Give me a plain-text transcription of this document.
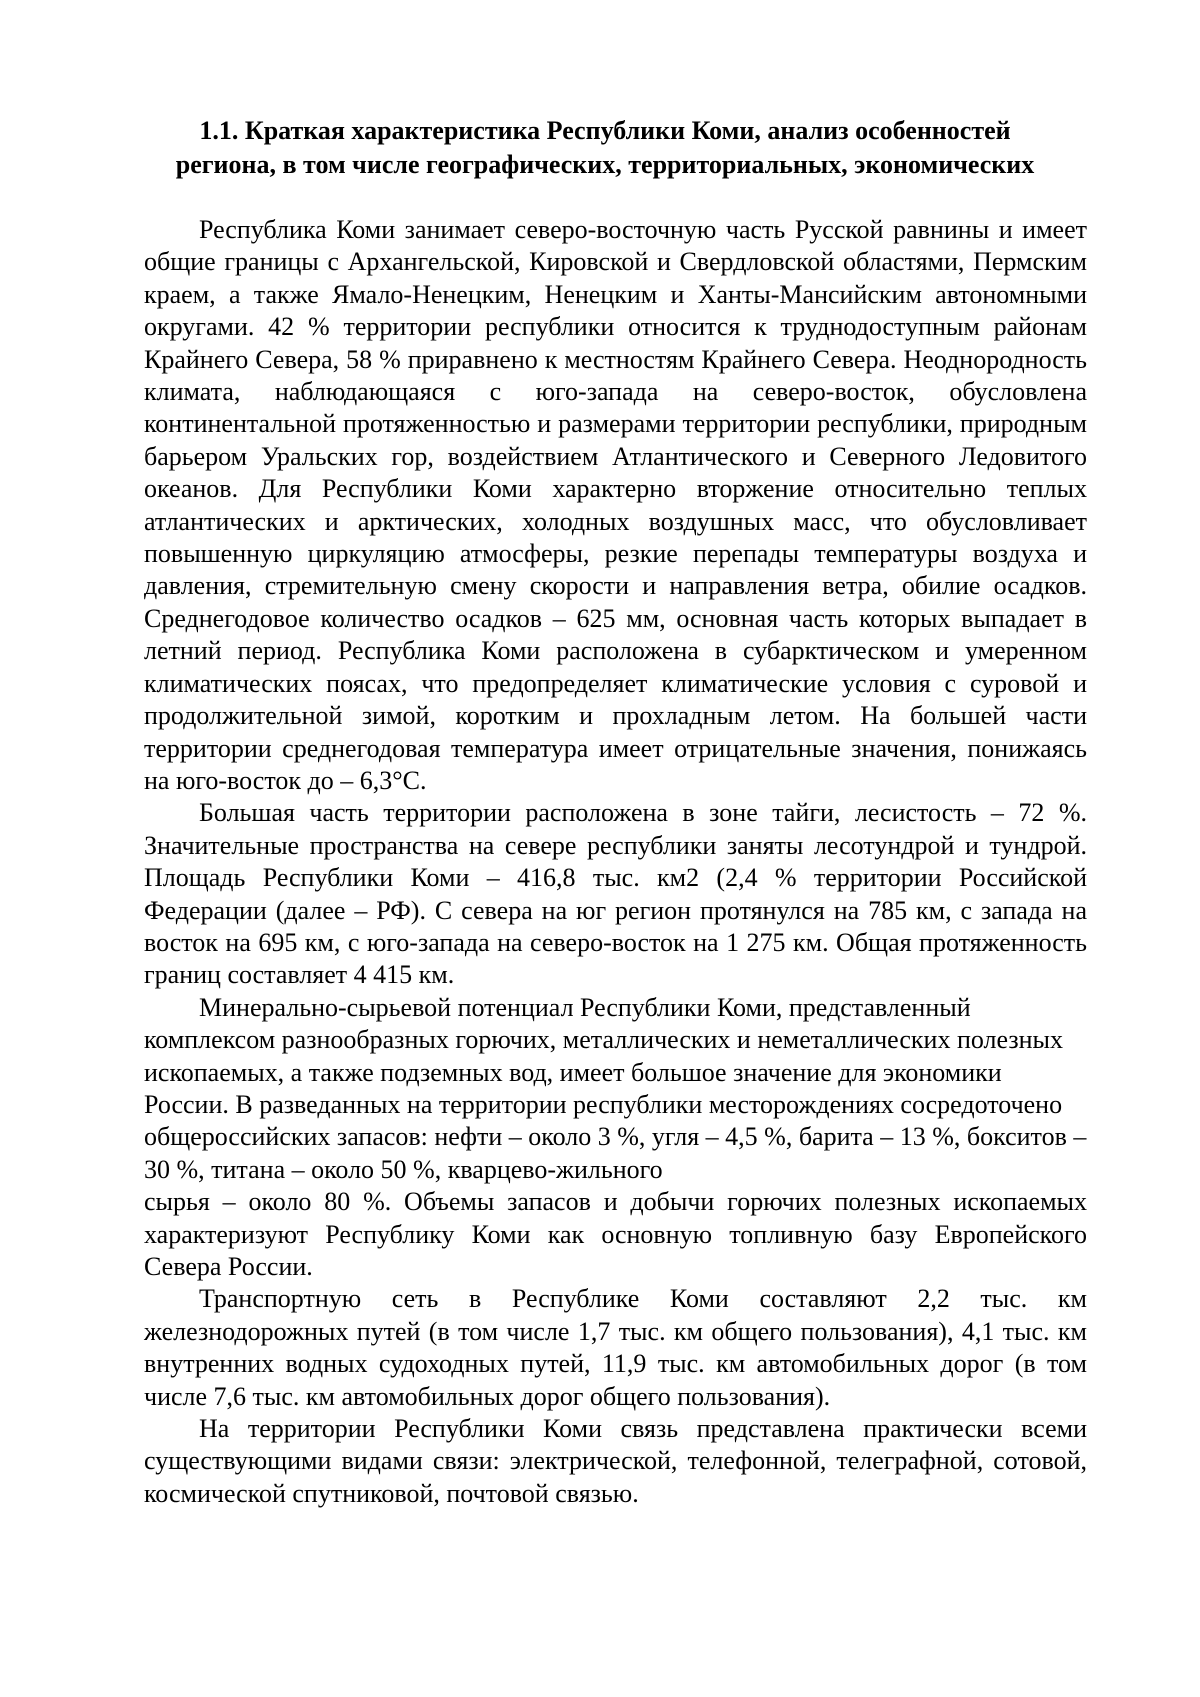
1.1. Краткая характеристика Республики Коми, анализ особенностей
региона, в том числе географических, территориальных, экономических

Республика Коми занимает северо-восточную часть Русской равнины и имеет общие границы с Архангельской, Кировской и Свердловской областями, Пермским краем, а также Ямало-Ненецким, Ненецким и Ханты-Мансийским автономными округами. 42 % территории республики относится к труднодоступным районам Крайнего Севера, 58 % приравнено к местностям Крайнего Севера. Неоднородность климата, наблюдающаяся с юго-запада на северо-восток, обусловлена континентальной протяженностью и размерами территории республики, природным барьером Уральских гор, воздействием Атлантического и Северного Ледовитого океанов. Для Республики Коми характерно вторжение относительно теплых атлантических и арктических, холодных воздушных масс, что обусловливает повышенную циркуляцию атмосферы, резкие перепады температуры воздуха и давления, стремительную смену скорости и направления ветра, обилие осадков. Среднегодовое количество осадков – 625 мм, основная часть которых выпадает в летний период. Республика Коми расположена в субарктическом и умеренном климатических поясах, что предопределяет климатические условия с суровой и продолжительной зимой, коротким и прохладным летом. На большей части территории среднегодовая температура имеет отрицательные значения, понижаясь на юго-восток до – 6,3°С.

Большая часть территории расположена в зоне тайги, лесистость – 72 %. Значительные пространства на севере республики заняты лесотундрой и тундрой. Площадь Республики Коми – 416,8 тыс. км2 (2,4 % территории Российской Федерации (далее – РФ). С севера на юг регион протянулся на 785 км, с запада на восток на 695 км, с юго-запада на северо-восток на 1 275 км. Общая протяженность границ составляет 4 415 км.

Минерально-сырьевой потенциал Республики Коми, представленный комплексом разнообразных горючих, металлических и неметаллических полезных ископаемых, а также подземных вод, имеет большое значение для экономики России. В разведанных на территории республики месторождениях сосредоточено общероссийских запасов: нефти – около 3 %, угля – 4,5 %, барита – 13 %, бокситов – 30 %, титана – около 50 %, кварцево-жильного

сырья – около 80 %. Объемы запасов и добычи горючих полезных ископаемых характеризуют Республику Коми как основную топливную базу Европейского Севера России.

Транспортную сеть в Республике Коми составляют 2,2 тыс. км железнодорожных путей (в том числе 1,7 тыс. км общего пользования), 4,1 тыс. км внутренних водных судоходных путей, 11,9 тыс. км автомобильных дорог (в том числе 7,6 тыс. км автомобильных дорог общего пользования).

На территории Республики Коми связь представлена практически всеми существующими видами связи: электрической, телефонной, телеграфной, сотовой, космической спутниковой, почтовой связью.
